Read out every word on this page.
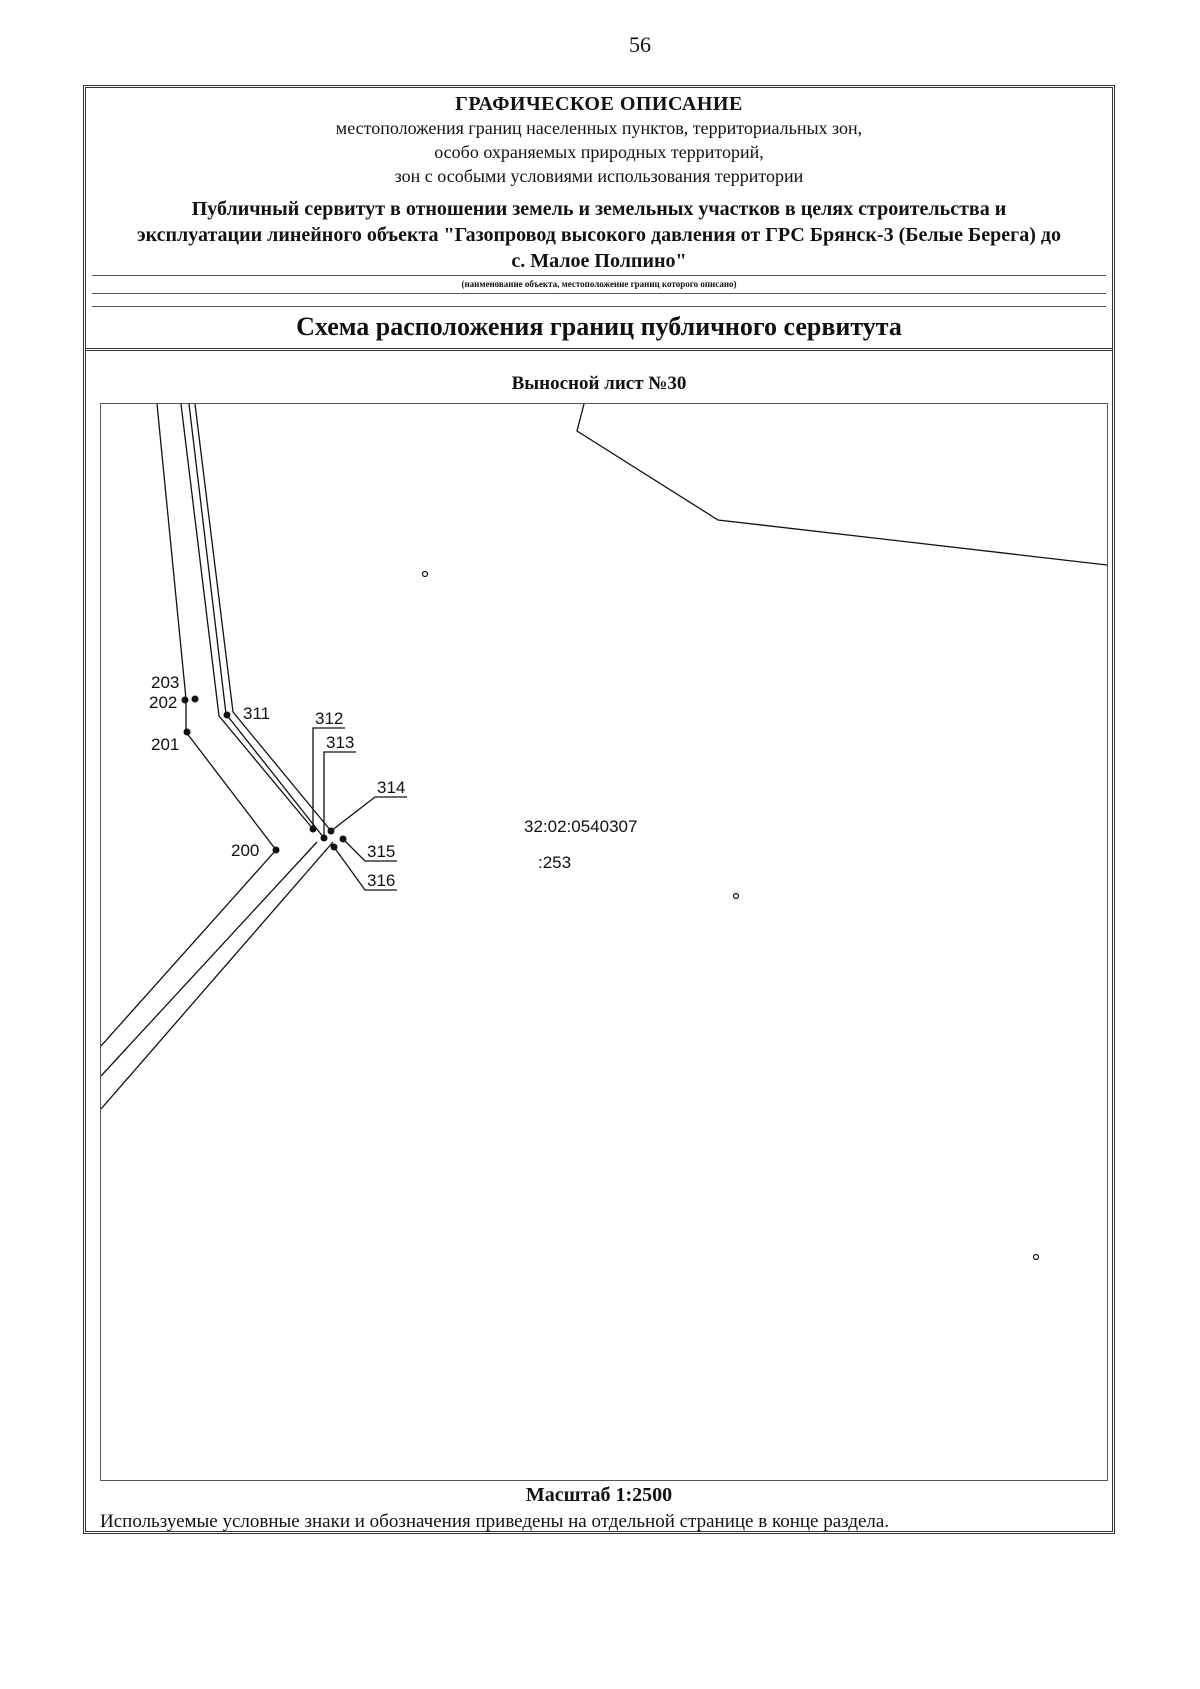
56
ГРАФИЧЕСКОЕ ОПИСАНИЕ
местоположения границ населенных пунктов, территориальных зон,
особо охраняемых природных территорий,
зон с особыми условиями использования территории
Публичный сервитут в отношении земель и земельных участков в целях строительства и эксплуатации линейного объекта "Газопровод высокого давления от ГРС Брянск-3 (Белые Берега) до с. Малое Полпино"
(наименование объекта, местоположение границ которого описано)
Схема расположения границ публичного сервитута
Выносной лист №30
203
202
201
200
311	312
313
314
315
316
32:02:0540307
:253
Масштаб 1:2500
Используемые условные знаки и обозначения приведены на отдельной странице в конце раздела.
